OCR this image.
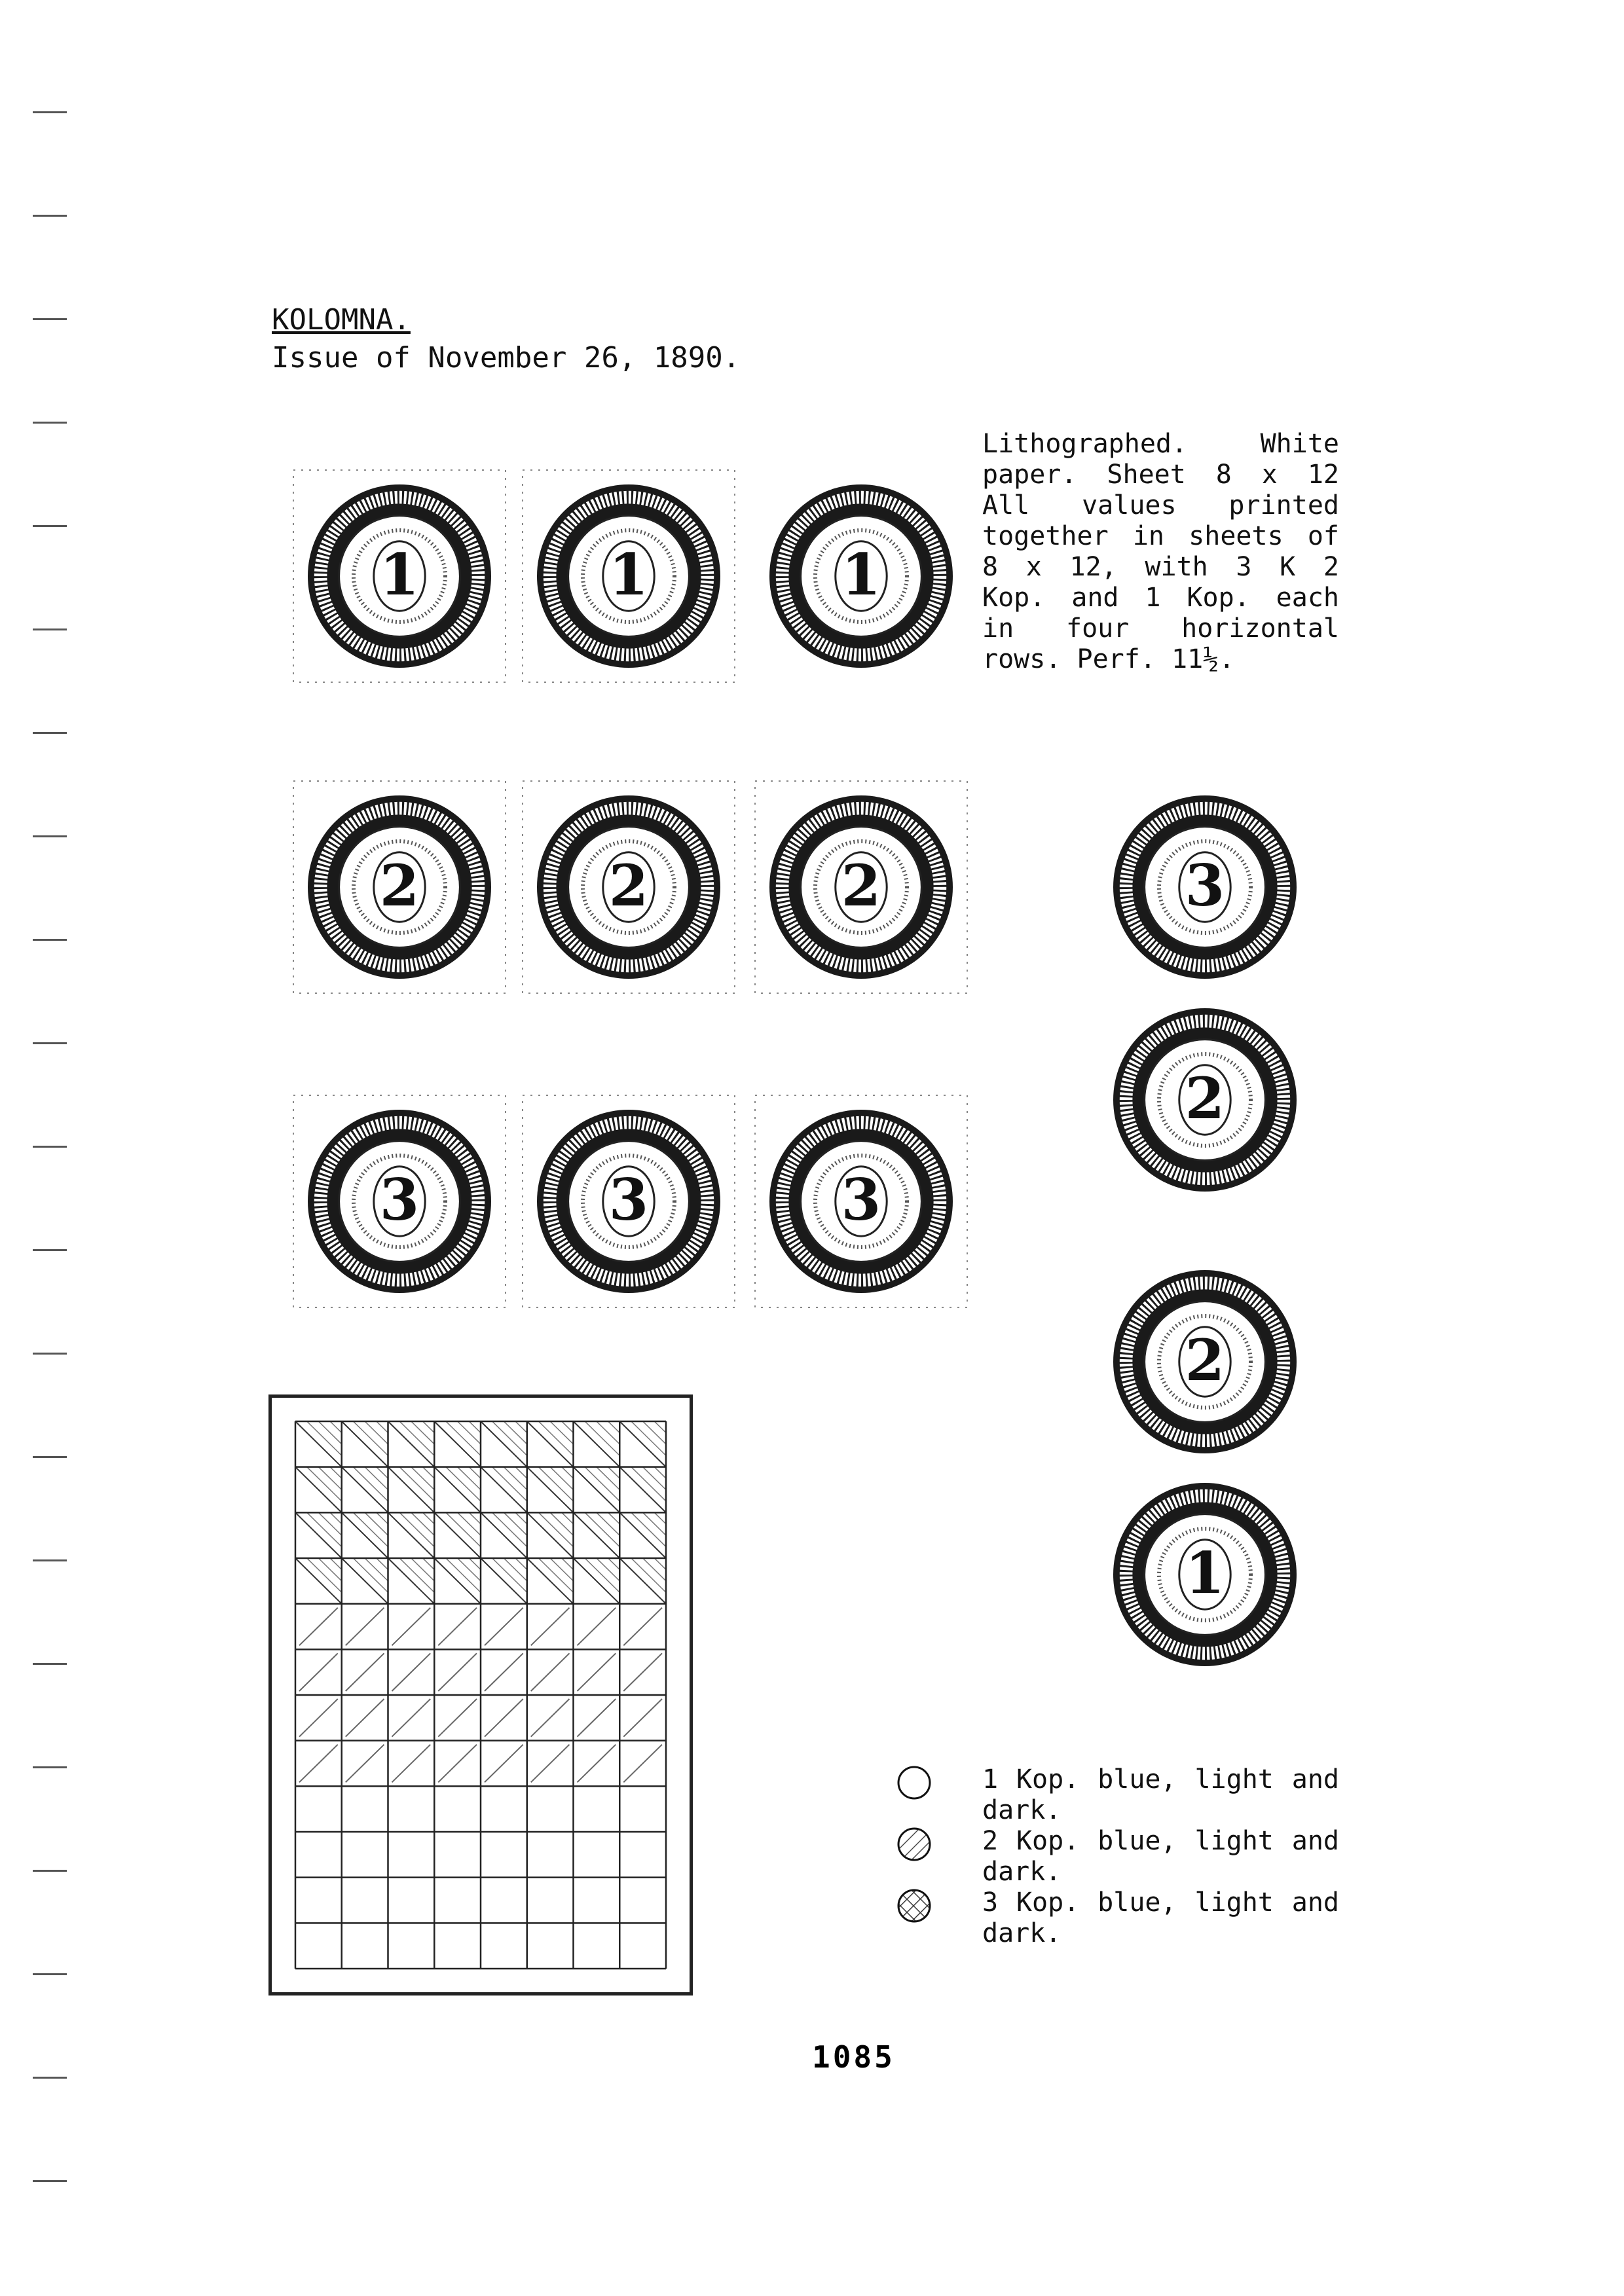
KOLOMNA.
Issue of November 26, 1890.
Lithographed. White paper. Sheet 8 x 12 All values printed together in sheets of 8 x 12, with 3 K 2 Kop. and 1 Kop. each in four horizontal rows. Perf. 11½.
1	1	1
2	2	2
3	3	3
3
2
2
1
1 Kop. blue, light and dark.
2 Kop. blue, light and dark.
3 Kop. blue, light and dark.
1085
